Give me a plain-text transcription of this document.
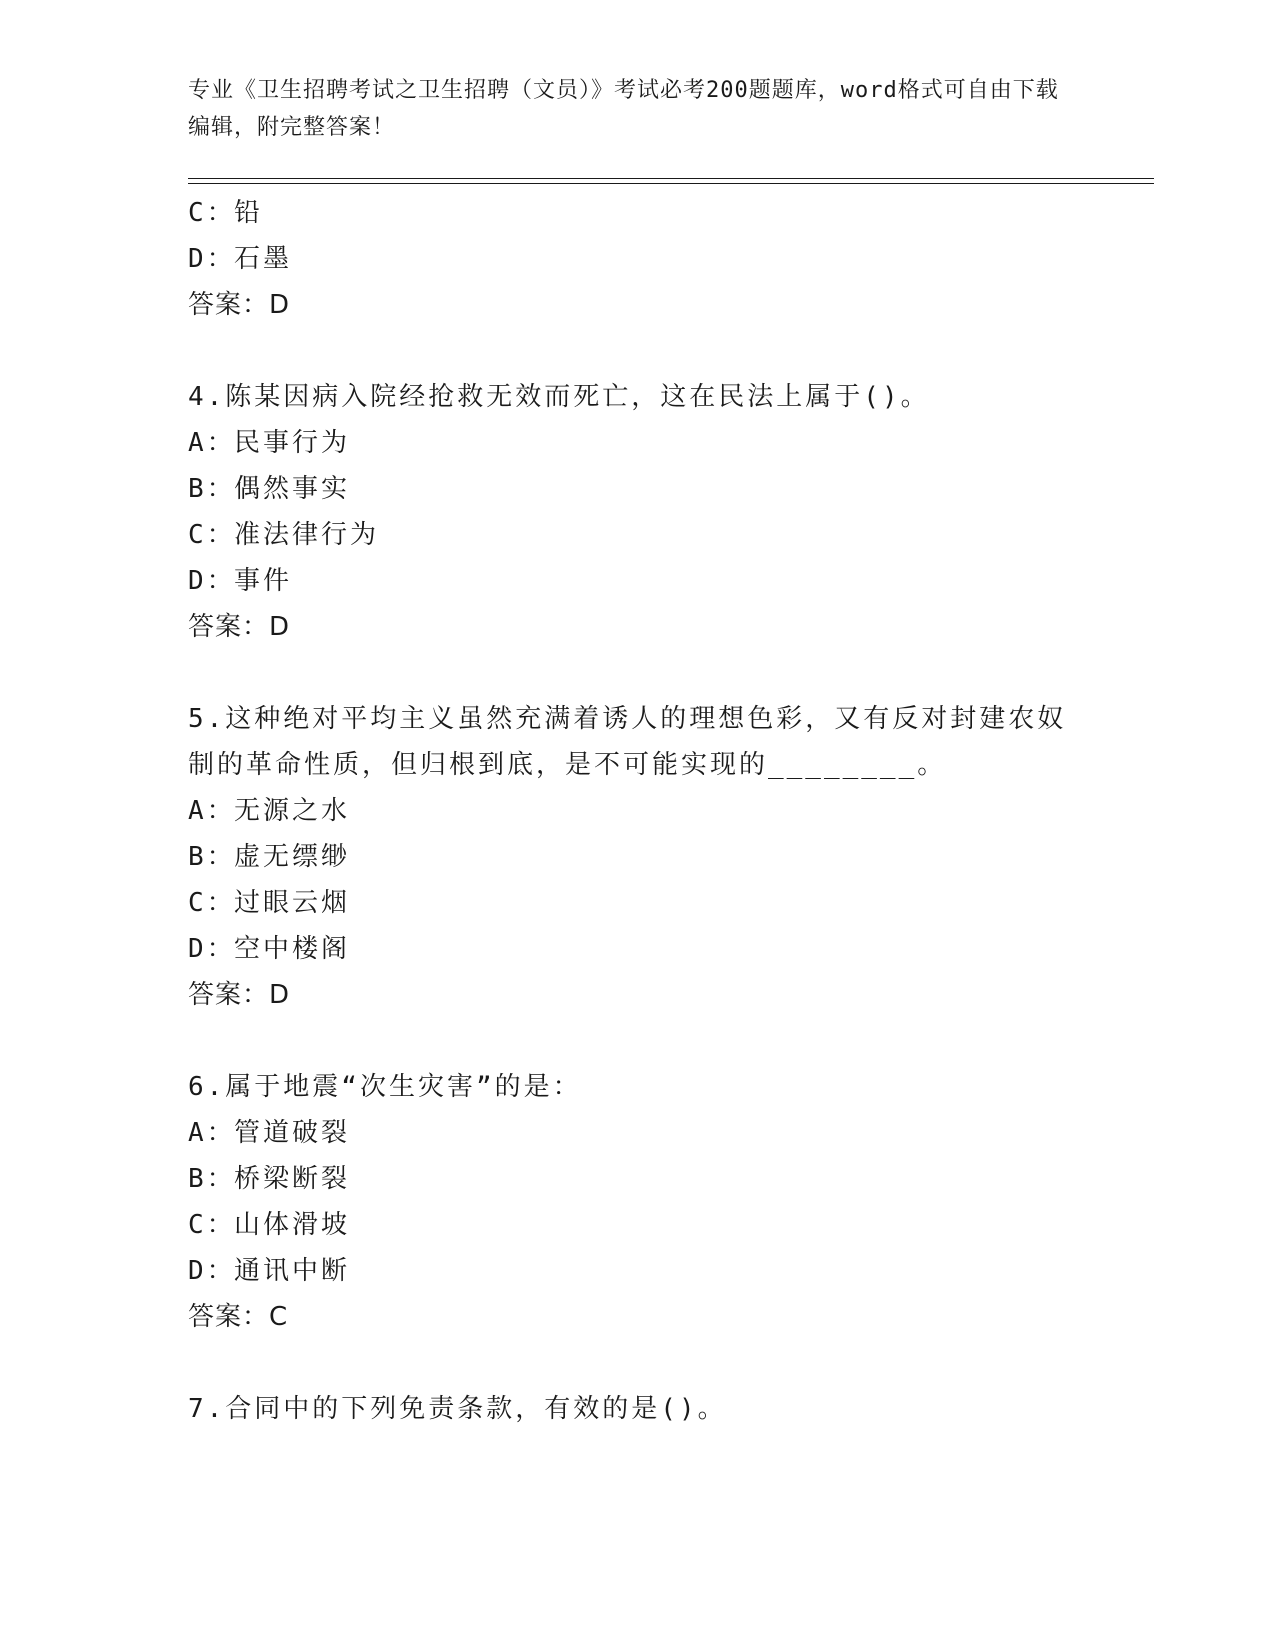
专业《卫生招聘考试之卫生招聘（文员）》考试必考200题题库，word格式可自由下载编辑，附完整答案！
C：铅
D：石墨
答案：D
4.陈某因病入院经抢救无效而死亡，这在民法上属于()。
A：民事行为
B：偶然事实
C：准法律行为
D：事件
答案：D
5.这种绝对平均主义虽然充满着诱人的理想色彩，又有反对封建农奴制的革命性质，但归根到底，是不可能实现的________。
A：无源之水
B：虚无缥缈
C：过眼云烟
D：空中楼阁
答案：D
6.属于地震“次生灾害”的是：
A：管道破裂
B：桥梁断裂
C：山体滑坡
D：通讯中断
答案：C
7.合同中的下列免责条款，有效的是()。
